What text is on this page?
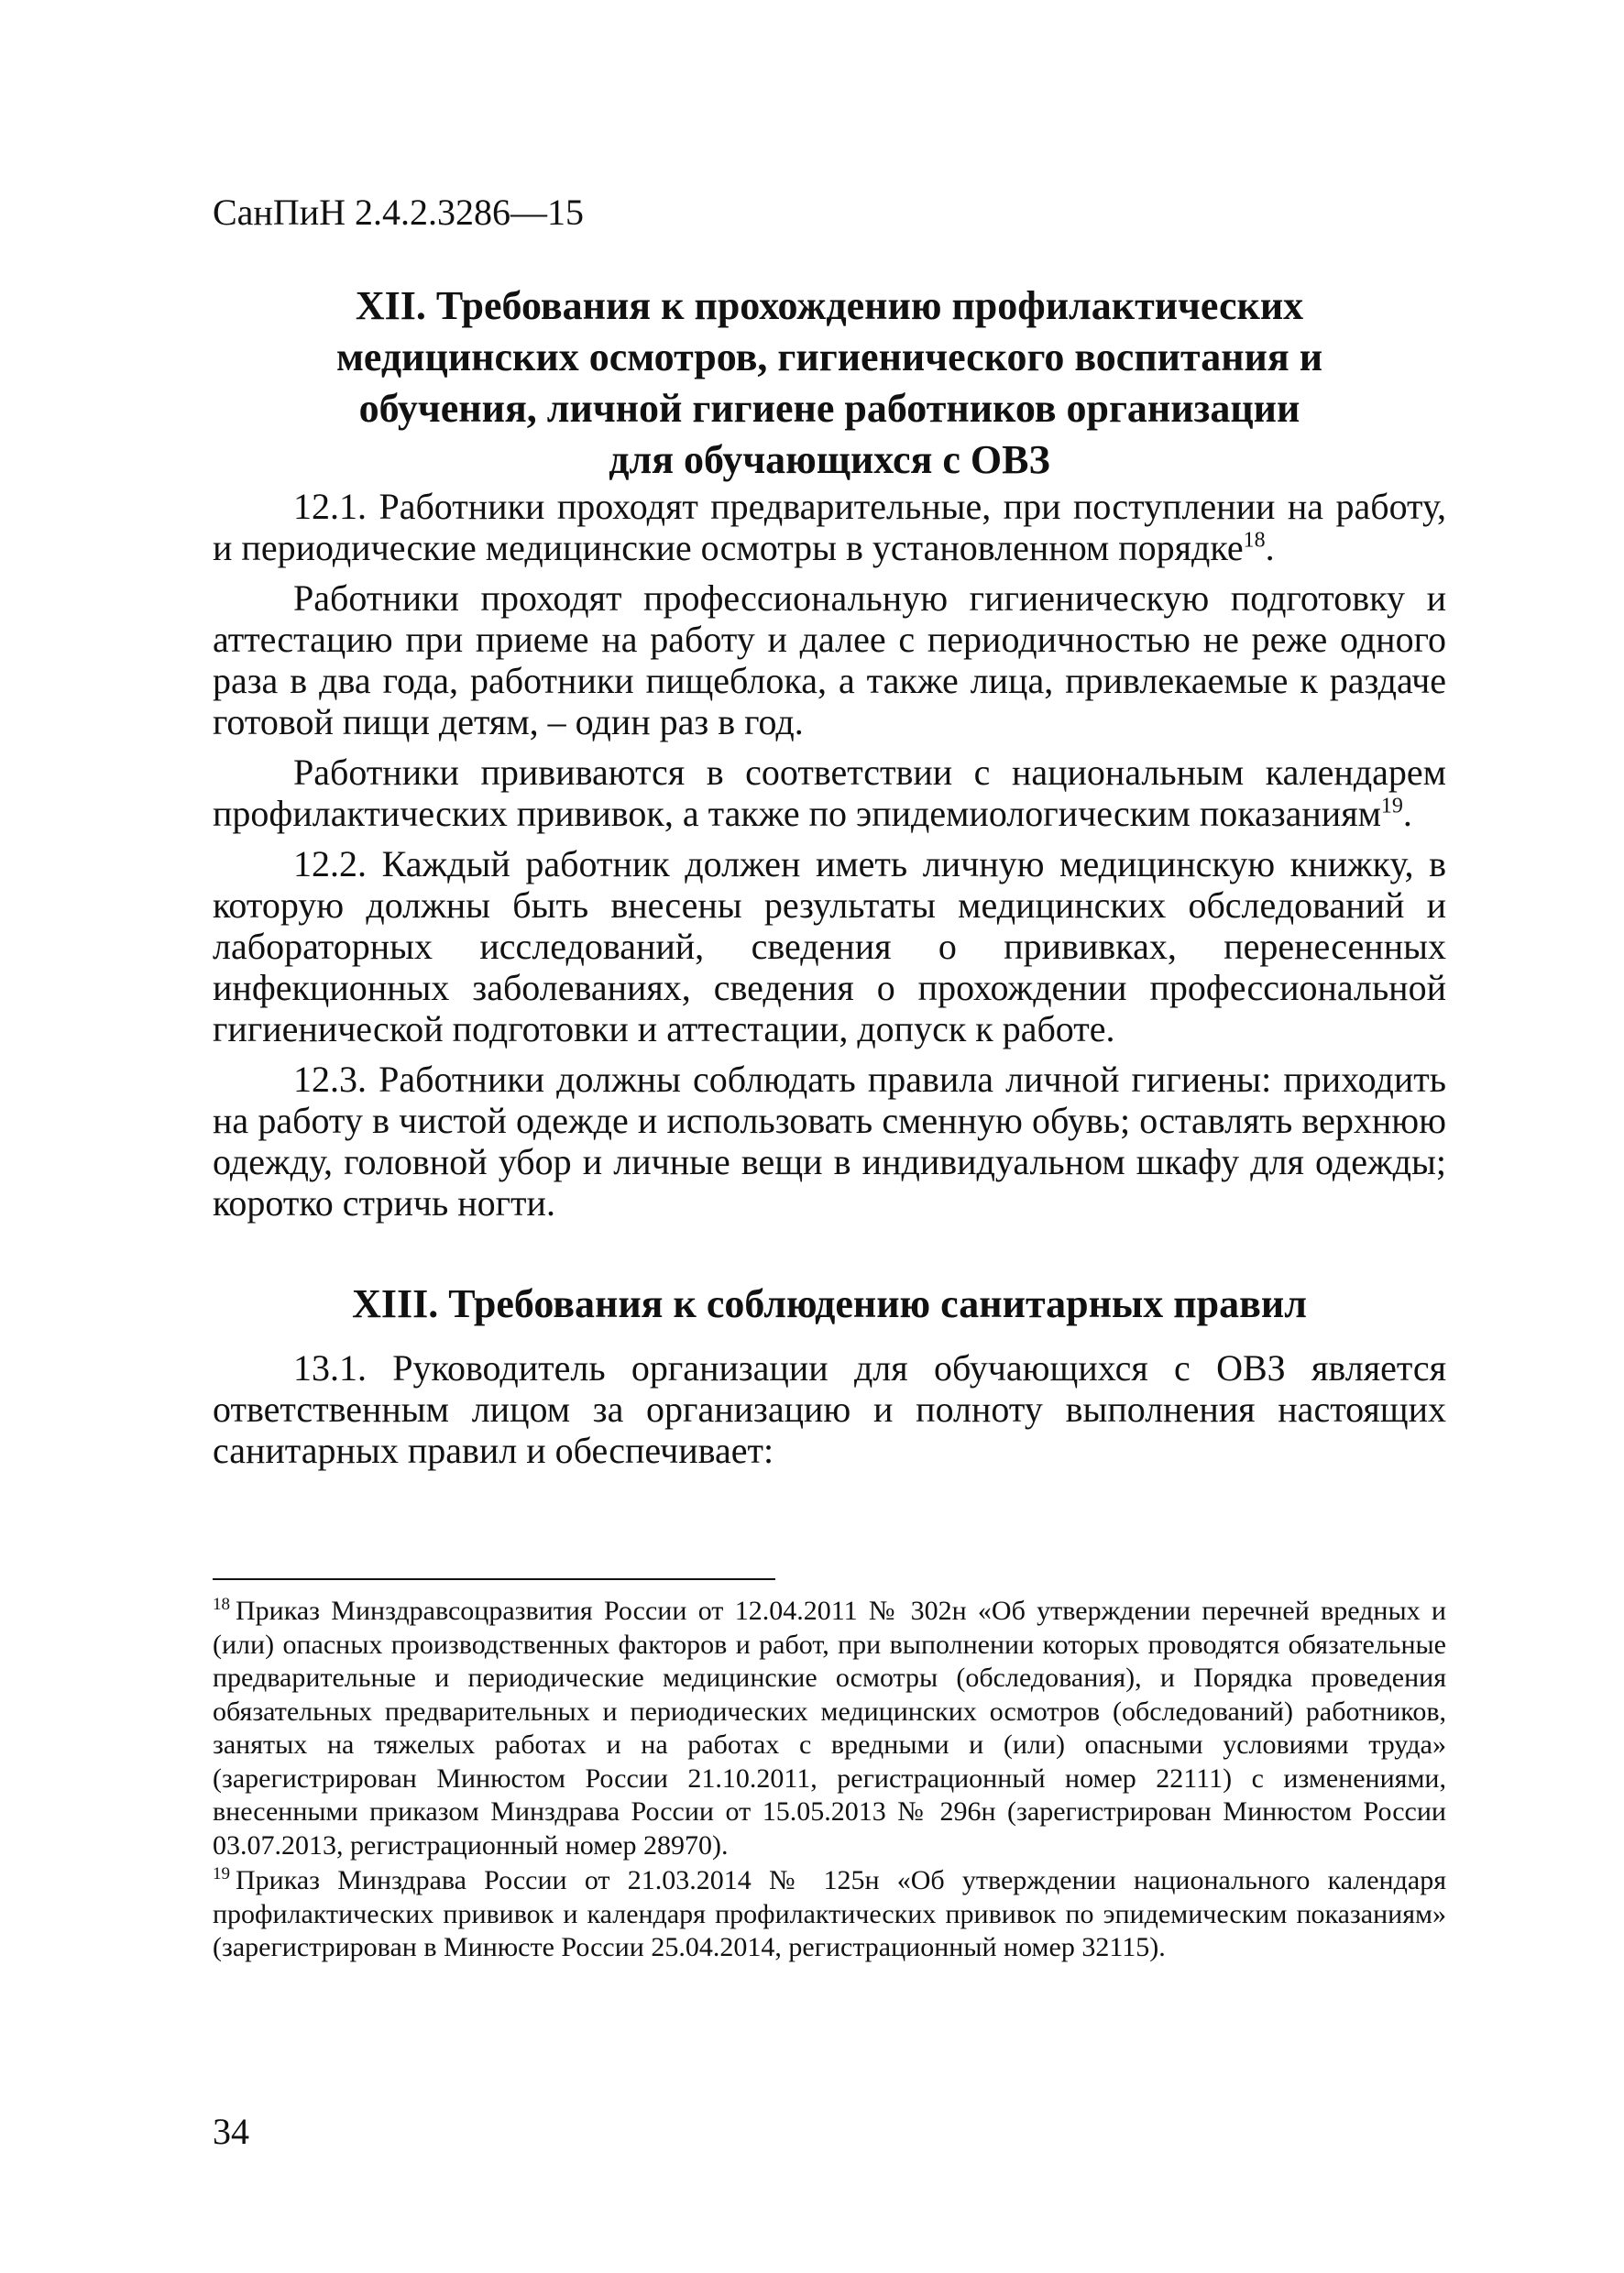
СанПиН 2.4.2.3286—15
XII. Требования к прохождению профилактических
медицинских осмотров, гигиенического воспитания и
обучения, личной гигиене работников организации
для обучающихся с ОВЗ

12.1. Работники проходят предварительные, при поступлении на работу, и периодические медицинские осмотры в установленном порядке$^{18}$.

Работники проходят профессиональную гигиеническую подготовку и аттестацию при приеме на работу и далее с периодичностью не реже одного раза в два года, работники пищеблока, а также лица, привлекаемые к раздаче готовой пищи детям, – один раз в год.

Работники прививаются в соответствии с национальным календарем профилактических прививок, а также по эпидемиологическим показаниям$^{19}$.

12.2. Каждый работник должен иметь личную медицинскую книжку, в которую должны быть внесены результаты медицинских обследований и лабораторных исследований, сведения о прививках, перенесенных инфекционных заболеваниях, сведения о прохождении профессиональной гигиенической подготовки и аттестации, допуск к работе.

12.3. Работники должны соблюдать правила личной гигиены: приходить на работу в чистой одежде и использовать сменную обувь; оставлять верхнюю одежду, головной убор и личные вещи в индивидуальном шкафу для одежды; коротко стричь ногти.

XIII. Требования к соблюдению санитарных правил

13.1. Руководитель организации для обучающихся с ОВЗ является ответственным лицом за организацию и полноту выполнения настоящих санитарных правил и обеспечивает:

$^{18}$ Приказ Минздравсоцразвития России от 12.04.2011 № 302н «Об утверждении перечней вредных и (или) опасных производственных факторов и работ, при выполнении которых проводятся обязательные предварительные и периодические медицинские осмотры (обследования), и Порядка проведения обязательных предварительных и периодических медицинских осмотров (обследований) работников, занятых на тяжелых работах и на работах с вредными и (или) опасными условиями труда» (зарегистрирован Минюстом России 21.10.2011, регистрационный номер 22111) с изменениями, внесенными приказом Минздрава России от 15.05.2013 № 296н (зарегистрирован Минюстом России 03.07.2013, регистрационный номер 28970).

$^{19}$ Приказ Минздрава России от 21.03.2014 № 125н «Об утверждении национального календаря профилактических прививок и календаря профилактических прививок по эпидемическим показаниям» (зарегистрирован в Минюсте России 25.04.2014, регистрационный номер 32115).

34
